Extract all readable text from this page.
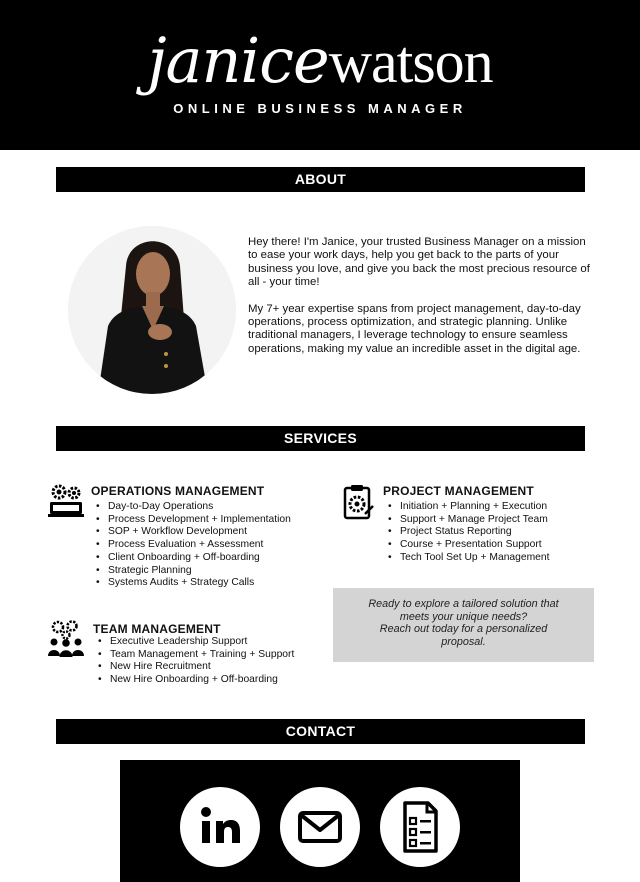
janicewatson
ONLINE BUSINESS MANAGER
ABOUT

Hey there! I'm Janice, your trusted Business Manager on a mission to ease your work days, help you get back to the parts of your business you love, and give you back the most precious resource of all - your time!

My 7+ year expertise spans from project management, day-to-day operations, process optimization, and strategic planning. Unlike traditional managers, I leverage technology to ensure seamless operations, making my value an incredible asset in the digital age.

SERVICES
OPERATIONS MANAGEMENT
• Day-to-Day Operations
• Process Development + Implementation
• SOP + Workflow Development
• Process Evaluation + Assessment
• Client Onboarding + Off-boarding
• Strategic Planning
• Systems Audits + Strategy Calls
PROJECT MANAGEMENT
• Initiation + Planning + Execution
• Support + Manage Project Team
• Project Status Reporting
• Course + Presentation Support
• Tech Tool Set Up + Management
Ready to explore a tailored solution that meets your unique needs?
Reach out today for a personalized proposal.
TEAM MANAGEMENT
• Executive Leadership Support
• Team Management + Training + Support
• New Hire Recruitment
• New Hire Onboarding + Off-boarding
CONTACT
